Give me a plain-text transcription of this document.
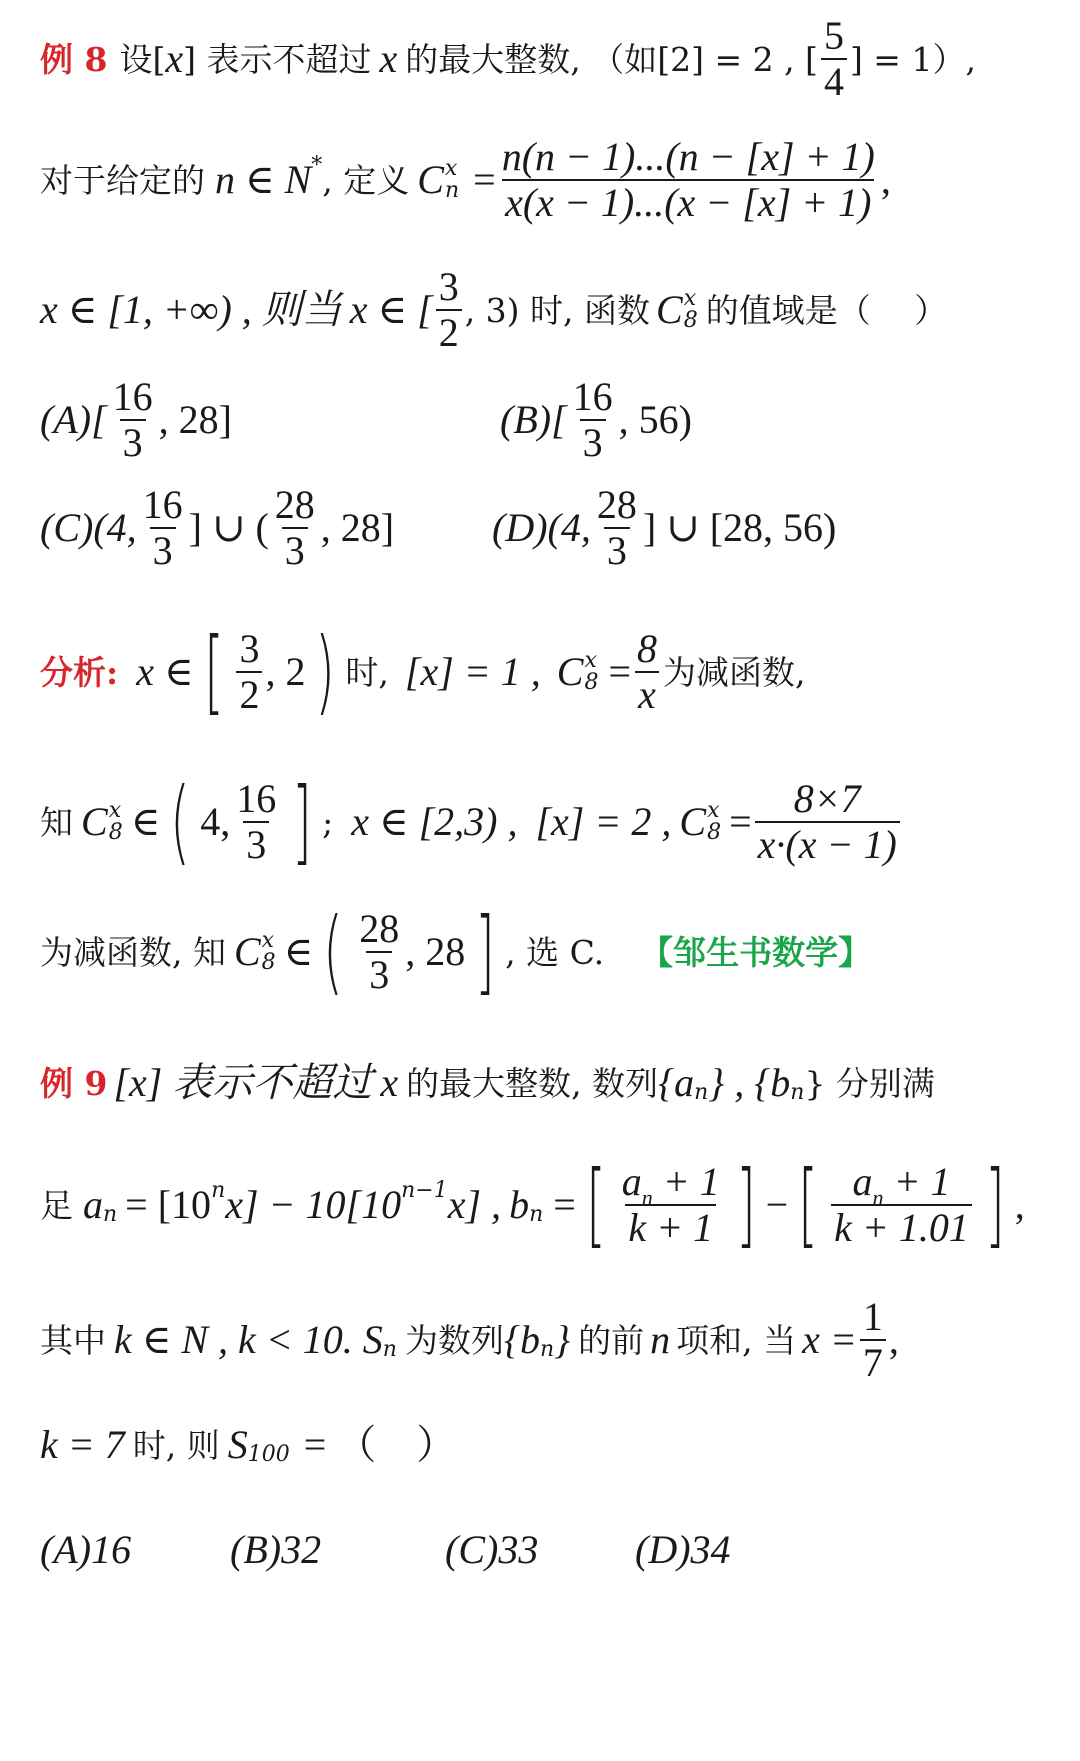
例 8 设[ x ] 表示不超过 x 的最大整数, （如[2] = 2 , [ $\frac{5}{4}$ ] = 1）,
对于给定的 n ∈ N * , 定义 C x
$n = \frac{n(n - 1)...(n - [x] + 1)}{x(x - 1)...(x - [x] + 1)}$ ,
x ∈ [1, +∞) , 则当 x ∈ [ $\frac{3}{2}$ , 3) 时, 函数 C x
8 的值域是（　 ）
$(A)[ \frac{16}{3}$ , 28]	$(B)[ \frac{16}{3}$ , 56)
(C)(4, $\frac{16}{3}$ ] ∪ ( $\frac{28}{3}$ , 28] (D)(4, $\frac{28}{3}$ ] ∪ [28, 56)
分析: x ∈ [ $\frac{3}{2}$ , 2 ) 时, [x] = 1 , C x
$8 = \frac{8}{x}$ 为减函数,
知 C x
8 ∈ ( 4, $\frac{16}{3}$ ] ; x ∈ [2,3) , [x] = 2 , C x
$8 = \frac{8\times 7}{x\cdot(x - 1)}$
为减函数, 知 C x
8 ∈ ( $\frac{28}{3}$ , 28 ] , 选 C. 【邹生书数学】
例 9 [x] 表示不超过 x 的最大整数, 数列 {a n } , {b n } 分别满
足 a n = [10 n x] − 10[10 n−1 x] , b n = [ $\frac{a_n + 1}{k + 1}$ ] − [ $\frac{a_n + 1}{k + 1.01}$ ] ,
其中 k ∈ N , k < 10. S n 为数列 {b n } 的前 n 项和, 当 $x = \frac{1}{7}$ ,
k = 7 时, 则 S 100 = （　）
(A)16 (B)32	(C)33 (D)34
